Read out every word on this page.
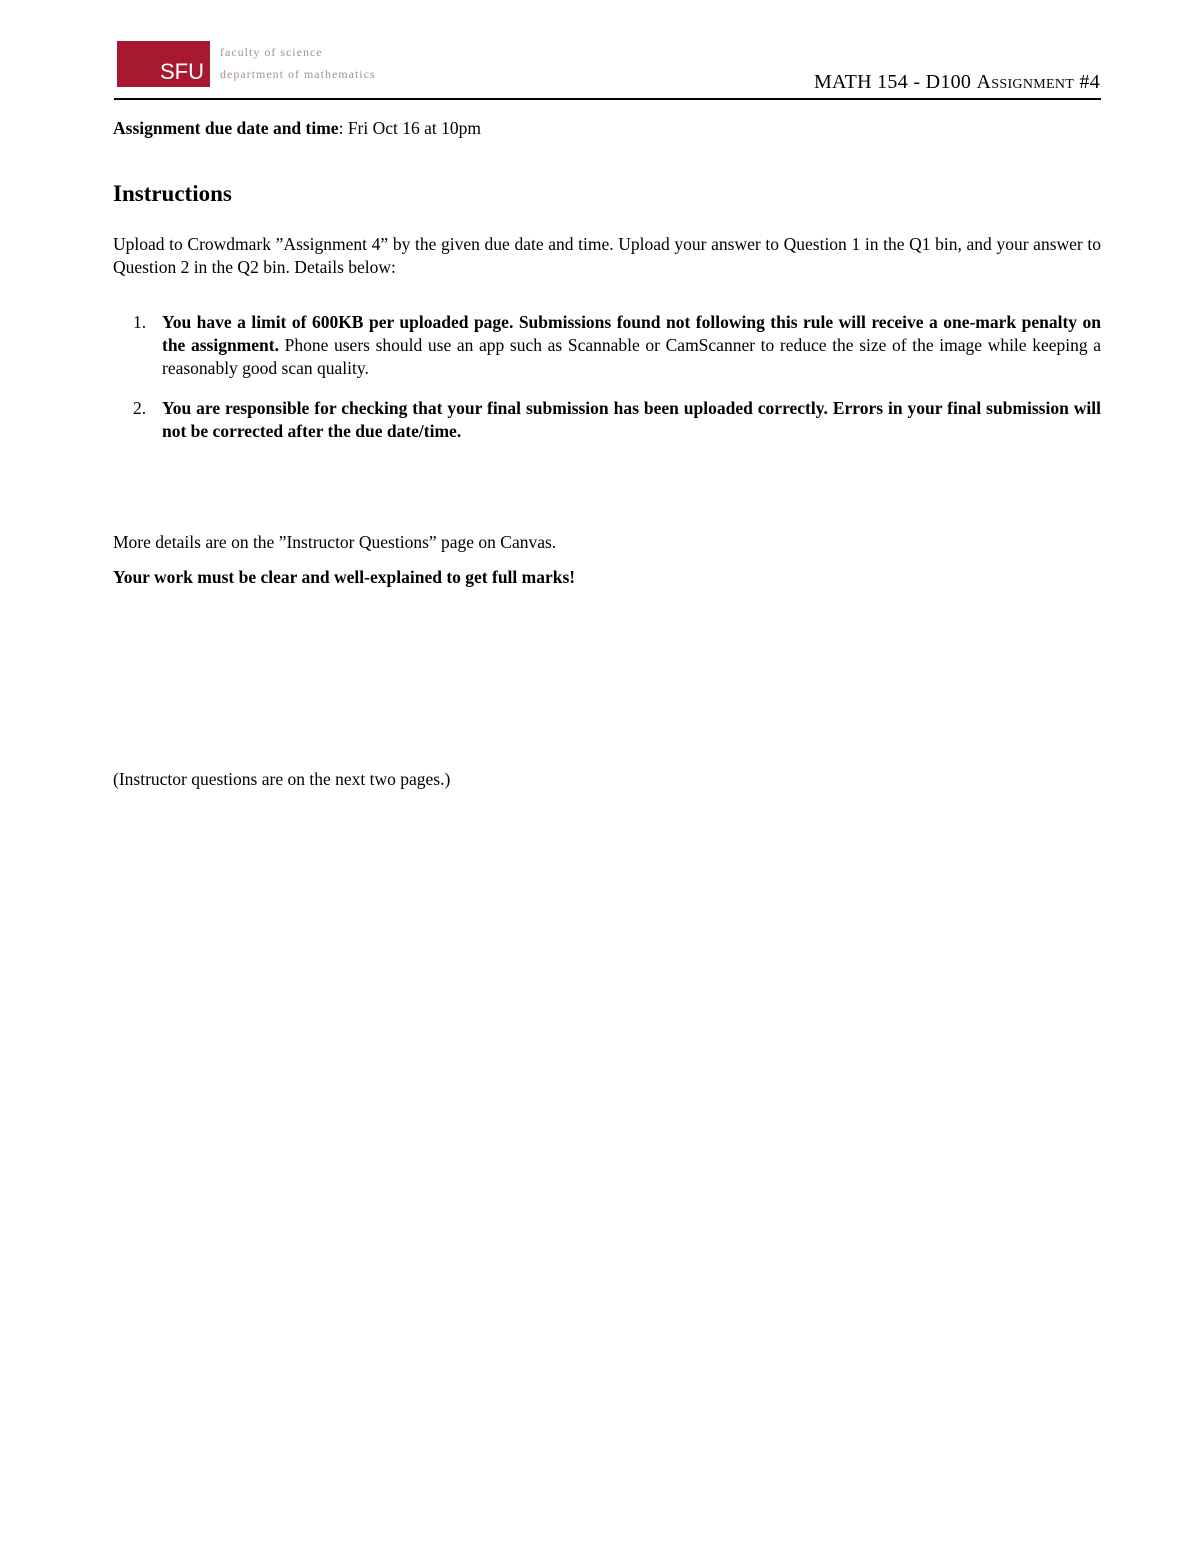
SFU
faculty of science
department of mathematics	MATH 154 - D100 Assignment #4
Assignment due date and time: Fri Oct 16 at 10pm
Instructions
Upload to Crowdmark ”Assignment 4” by the given due date and time. Upload your answer to Question 1 in the Q1 bin, and your answer to Question 2 in the Q2 bin. Details below:
1. You have a limit of 600KB per uploaded page. Submissions found not following this rule will receive a one-mark penalty on the assignment. Phone users should use an app such as Scannable or CamScanner to reduce the size of the image while keeping a reasonably good scan quality.
2. You are responsible for checking that your final submission has been uploaded correctly. Errors in your final submission will not be corrected after the due date/time.
More details are on the ”Instructor Questions” page on Canvas.
Your work must be clear and well-explained to get full marks!
(Instructor questions are on the next two pages.)
